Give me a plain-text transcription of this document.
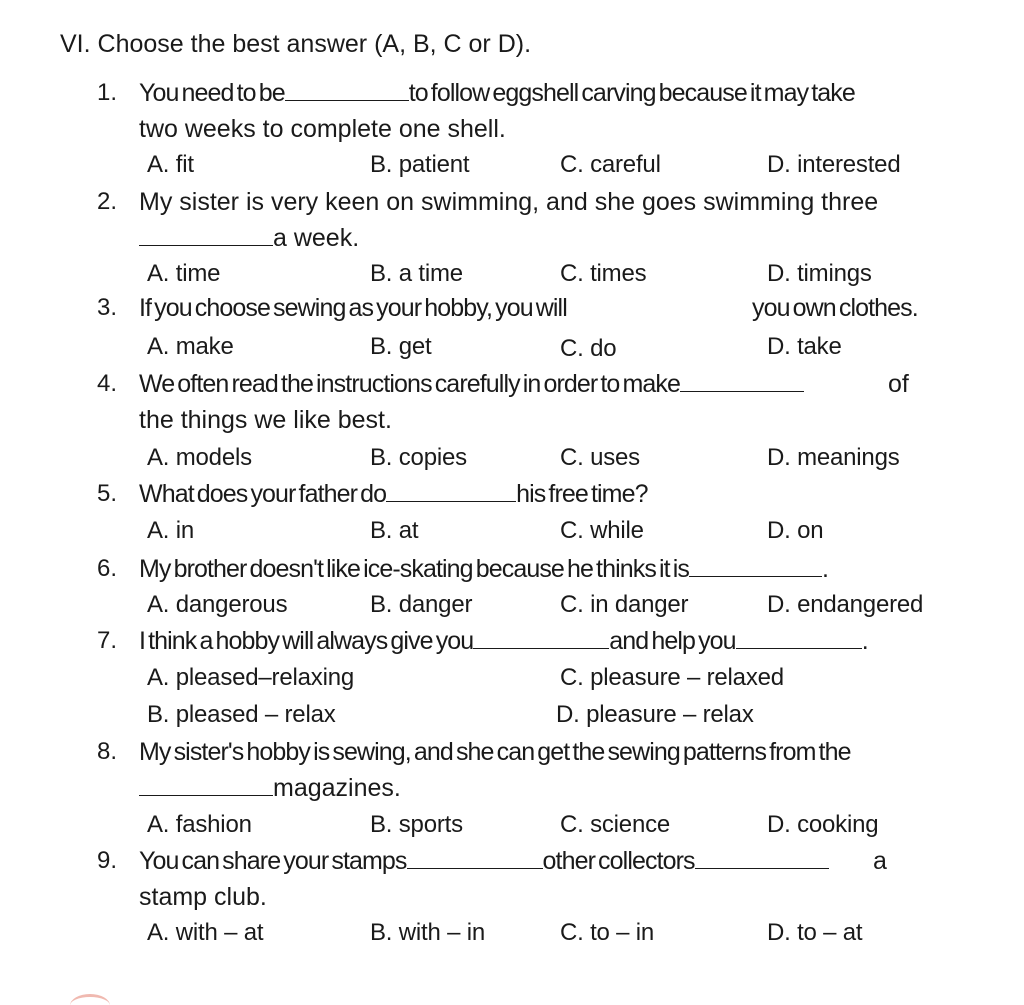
VI. Choose the best answer (A, B, C or D).
1. You need to be	to follow eggshell carving because it may take
two weeks to complete one shell.
A. fit	B. patient	C. careful	D. interested
2. My sister is very keen on swimming, and she goes swimming three
a week.
A. time	B. a time	C. times	D. timings
3. If you choose sewing as your hobby, you will	you own clothes.
A. make	B. get	C. do	D. take
4. We often read the instructions carefully in order to make	of
the things we like best.
A. models	B. copies	C. uses	D. meanings
5. What does your father do	his free time?
A. in	B. at	C. while	D. on
6. My brother doesn't like ice-skating because he thinks it is	.
A. dangerous	B. danger	C. in danger	D. endangered
7. I think a hobby will always give you	and help you	.
A. pleased–relaxing	C. pleasure – relaxed
B. pleased – relax	D. pleasure – relax
8. My sister's hobby is sewing, and she can get the sewing patterns from the
magazines.
A. fashion	B. sports	C. science	D. cooking
9. You can share your stamps	other collectors	a
stamp club.
A. with – at	B. with – in	C. to – in	D. to – at
